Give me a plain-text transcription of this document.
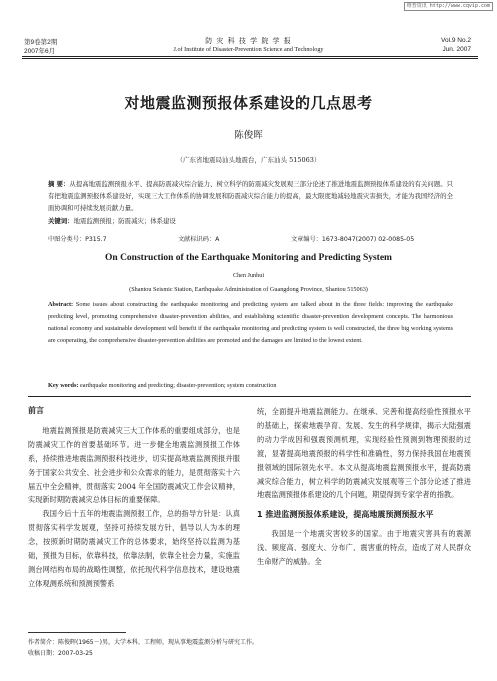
维普资讯 http://www.cqvip.com
第9卷第2期
2007年6月
防 灾 科 技 学 院 学 报
J.of Institute of Disaster-Prevention Science and Technology
Vol.9 No.2
Jun. 2007
对地震监测预报体系建设的几点思考
陈俊晖
（广东省地震局汕头地震台，广东汕头 515063）
摘 要：从提高地震监测预报水平、提高防震减灾综合能力、树立科学的防震减灾发展观三部分论述了推进地震监测预报体系建设的有关问题。只有把地震监测预报体系建设好，实现三大工作体系的协调发展和防震减灾综合能力的提高，最大限度地减轻地震灾害损失，才能为我国经济的全面协调和可持续发展贡献力量。
关键词：地震监测预报；防震减灾；体系建设
中图分类号：P315.7	文献标识码：A	文章编号：1673-8047(2007) 02-0085-05
On Construction of the Earthquake Monitoring and Predicting System
Chen Junhui
(Shantou Seismic Station, Earthquake Administration of Guangdong Province, Shantou 515063)
Abstract: Some issues about constructing the earthquake monitoring and predicting system are talked about in the three fields: improving the earthquake predicting level, promoting comprehensive disaster-prevention abilities, and establishing scientific disaster-prevention development concepts. The harmonious national economy and sustainable development will benefit if the earthquake monitoring and predicting system is well constructed, the three big working systems are cooperating, the comprehensive disaster-prevention abilities are promoted and the damages are limited to the lowest extent.
Key words: earthquake monitoring and predicting; disaster-prevention; system construction
前言

地震监测预报是防震减灾三大工作体系的重要组成部分，也是防震减灾工作的首要基础环节。进一步健全地震监测预报工作体系，持续推进地震监测预报科技进步，切实提高地震监测预报并服务于国家公共安全、社会进步和公众需求的能力，是贯彻落实十六届五中全会精神，贯彻落实 2004 年全国防震减灾工作会议精神，实现新时期防震减灾总体目标的重要保障。

我国今后十五年的地震监测预报工作，总的指导方针是：认真贯彻落实科学发展观，坚持可持续发展方针，倡导以人为本的理念，按照新时期防震减灾工作的总体要求，始终坚持以监测为基础，预报为目标，依靠科技，依靠法制，依靠全社会力量，实施监测台网结构布局的战略性调整，依托现代科学信息技术，建设地震立体观测系统和预测预警系

统，全面提升地震监测能力。在继承、完善和提高经验性预报水平的基础上，探索地震孕育、发展、发生的科学规律，揭示大陆强震的动力学成因和强震预测机理，实现经验性预测到物理预报的过渡，显著提高地震预报的科学性和准确性，努力保持我国在地震预报领域的国际领先水平。本文从提高地震监测预报水平，提高防震减灾综合能力，树立科学的防震减灾发展观等三个部分论述了推进地震监测预报体系建设的几个问题，期望得到专家学者的指教。
1 推进监测预报体系建设，提高地震预测预报水平

我国是一个地震灾害较多的国家。由于地震灾害具有的震源浅、频度高、强度大、分布广、震害重的特点，造成了对人民群众生命财产的威胁。全

作者简介：陈俊晖(1965－)男，大学本科，工程师，现从事地震监测分析与研究工作。
收稿日期：2007-03-25
